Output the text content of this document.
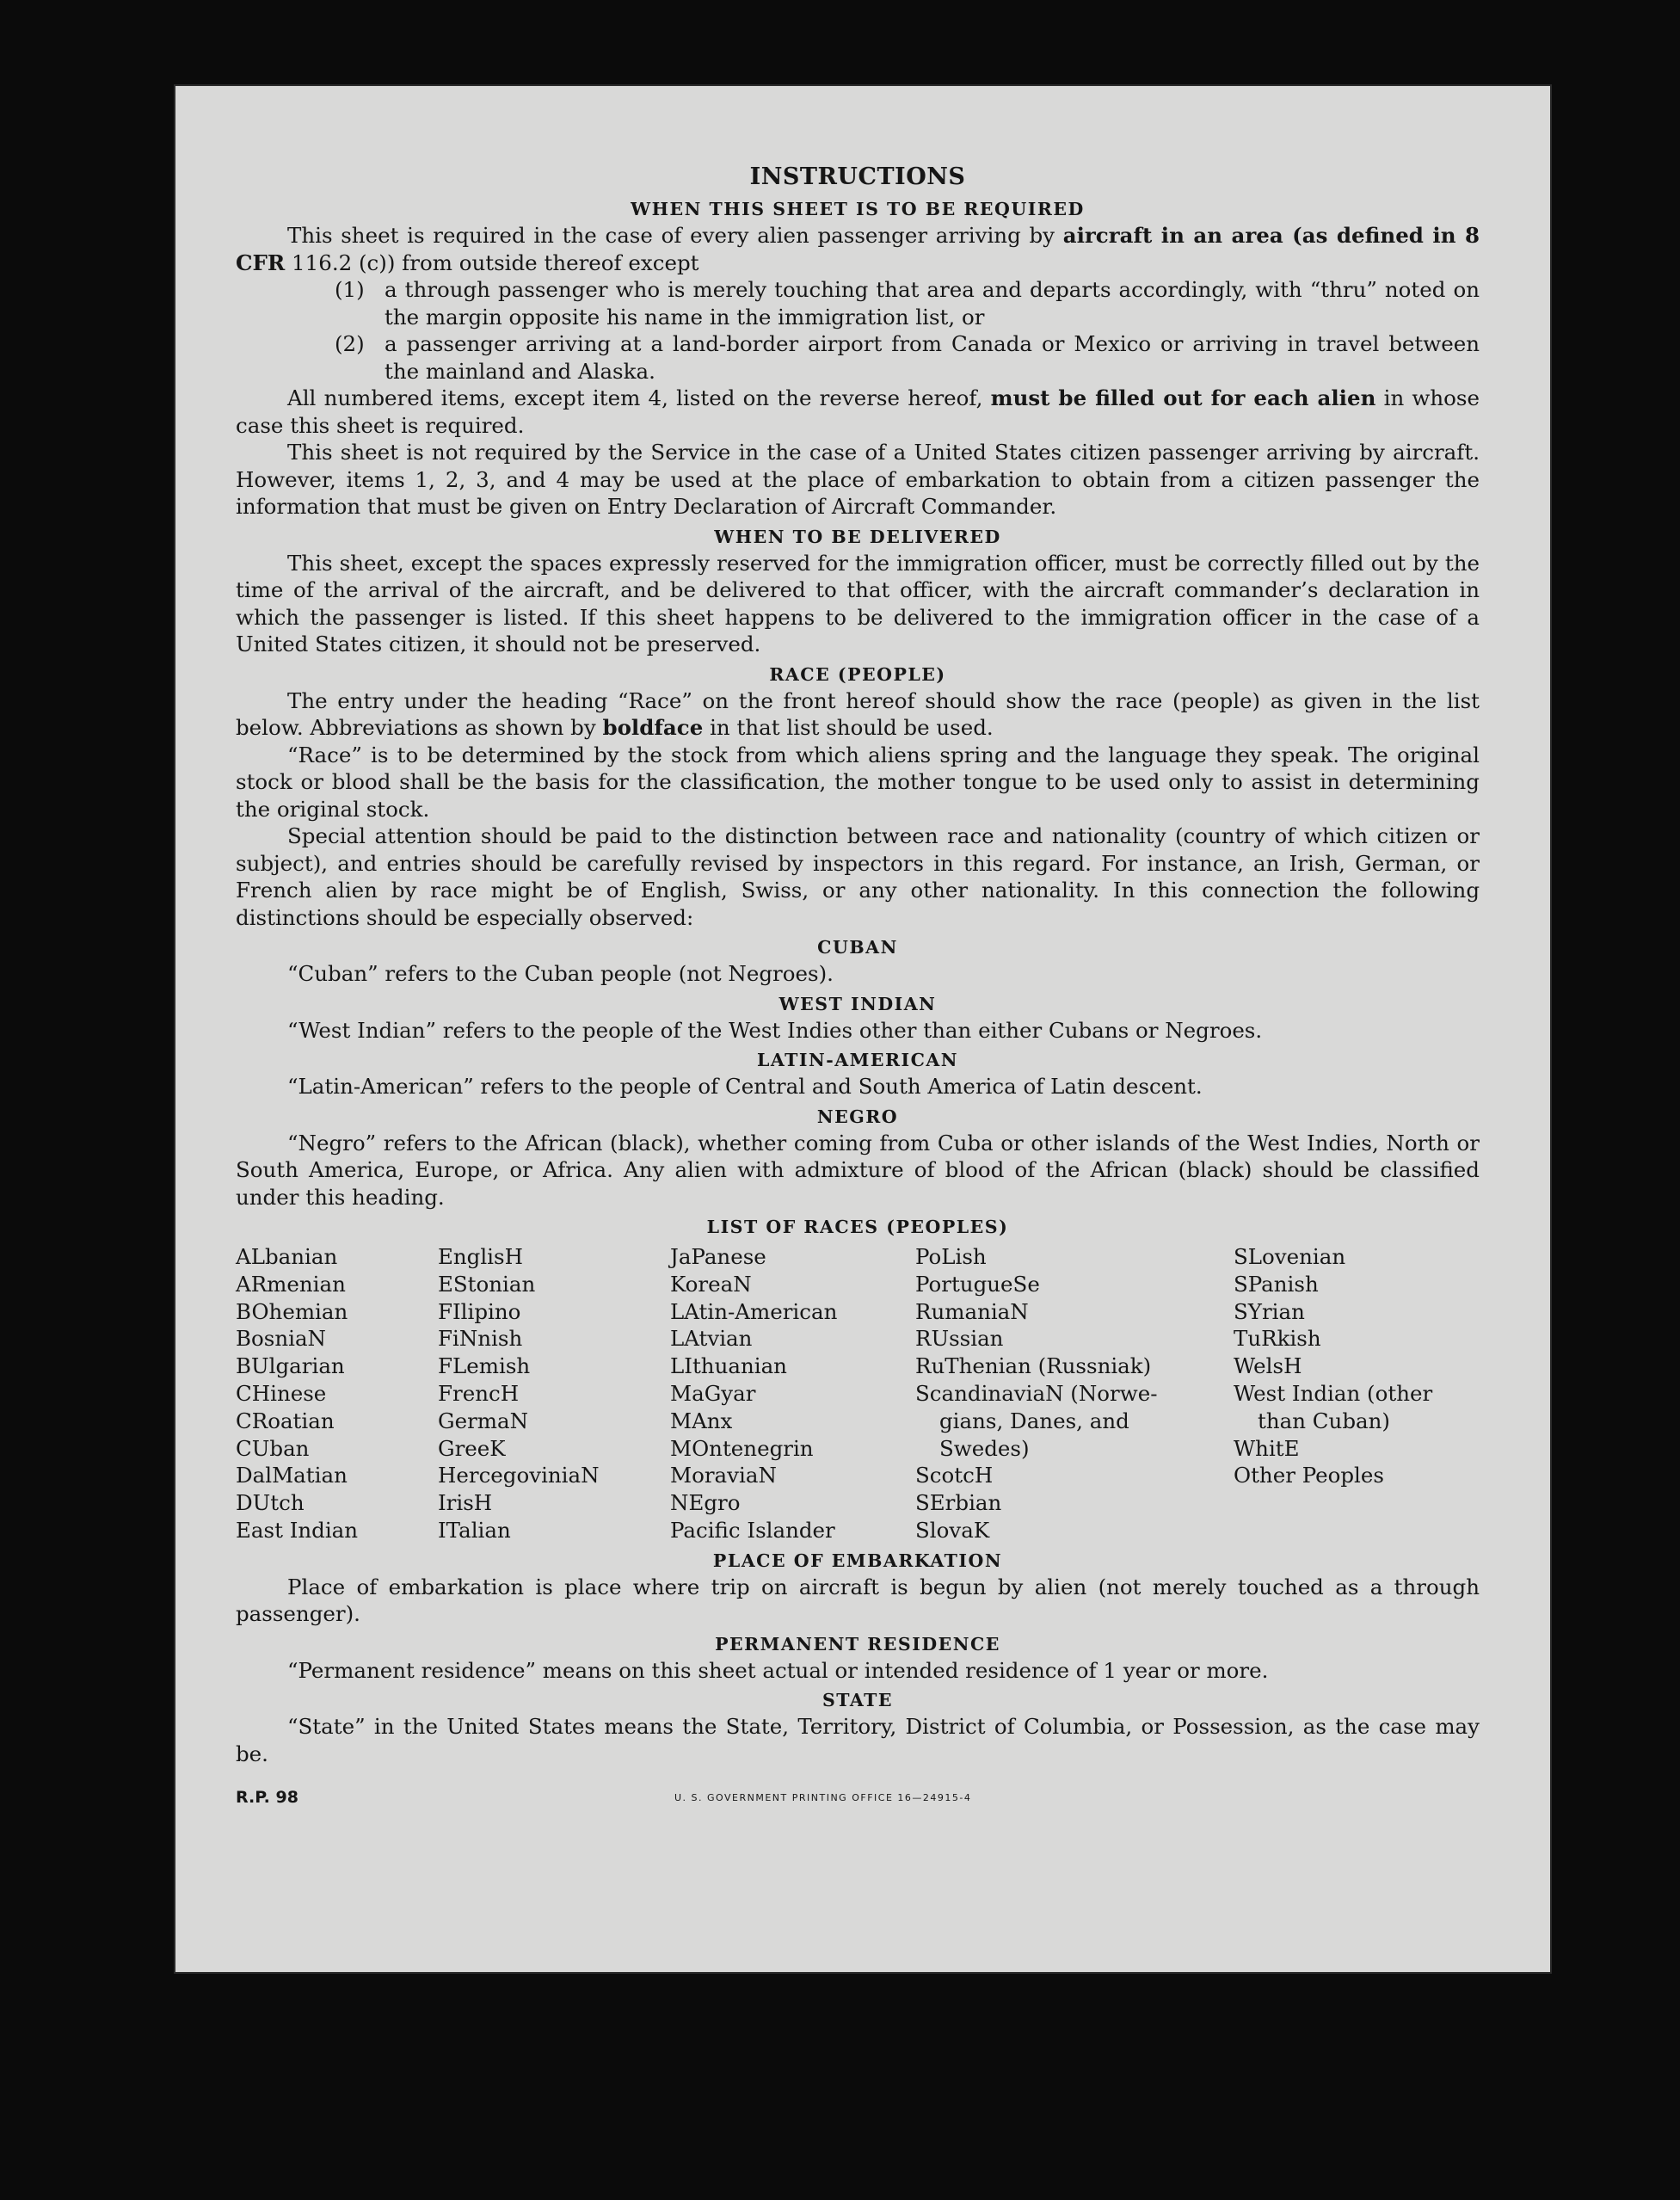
INSTRUCTIONS
WHEN THIS SHEET IS TO BE REQUIRED

This sheet is required in the case of every alien passenger arriving by aircraft in an area (as defined in 8 CFR 116.2 (c)) from outside thereof except

(1) a through passenger who is merely touching that area and departs accordingly, with “thru” noted on the margin opposite his name in the immigration list, or
(2) a passenger arriving at a land-border airport from Canada or Mexico or arriving in travel between the mainland and Alaska.

All numbered items, except item 4, listed on the reverse hereof, must be filled out for each alien in whose case this sheet is required.

This sheet is not required by the Service in the case of a United States citizen passenger arriving by aircraft. However, items 1, 2, 3, and 4 may be used at the place of embarkation to obtain from a citizen passenger the information that must be given on Entry Declaration of Aircraft Commander.

WHEN TO BE DELIVERED

This sheet, except the spaces expressly reserved for the immigration officer, must be correctly filled out by the time of the arrival of the aircraft, and be delivered to that officer, with the aircraft commander’s declaration in which the passenger is listed. If this sheet happens to be delivered to the immigration officer in the case of a United States citizen, it should not be preserved.

RACE (PEOPLE)

The entry under the heading “Race” on the front hereof should show the race (people) as given in the list below. Abbreviations as shown by boldface in that list should be used.

“Race” is to be determined by the stock from which aliens spring and the language they speak. The original stock or blood shall be the basis for the classification, the mother tongue to be used only to assist in determining the original stock.

Special attention should be paid to the distinction between race and nationality (country of which citizen or subject), and entries should be carefully revised by inspectors in this regard. For instance, an Irish, German, or French alien by race might be of English, Swiss, or any other nationality. In this connection the following distinctions should be especially observed:

CUBAN

“Cuban” refers to the Cuban people (not Negroes).

WEST INDIAN

“West Indian” refers to the people of the West Indies other than either Cubans or Negroes.

LATIN-AMERICAN

“Latin-American” refers to the people of Central and South America of Latin descent.

NEGRO

“Negro” refers to the African (black), whether coming from Cuba or other islands of the West Indies, North or South America, Europe, or Africa. Any alien with admixture of blood of the African (black) should be classified under this heading.

LIST OF RACES (PEOPLES)
ALbanian
ARmenian
BOhemian
BosniaN
BUlgarian
CHinese
CRoatian
CUban
DalMatian
DUtch
East Indian
EnglisH
EStonian
FIlipino
FiNnish
FLemish
FrencH
GermaN
GreeK
HercegoviniaN
IrisH
ITalian
JaPanese
KoreaN
LAtin-American
LAtvian
LIthuanian
MaGyar
MAnx
MOntenegrin
MoraviaN
NEgro
Pacific Islander
PoLish
PortugueSe
RumaniaN
RUssian
RuThenian (Russniak)
ScandinaviaN (Norwe-
gians, Danes, and
Swedes)
ScotcH
SErbian
SlovaK
SLovenian
SPanish
SYrian
TuRkish
WelsH
West Indian (other
than Cuban)
WhitE
Other Peoples
PLACE OF EMBARKATION

Place of embarkation is place where trip on aircraft is begun by alien (not merely touched as a through passenger).

PERMANENT RESIDENCE

“Permanent residence” means on this sheet actual or intended residence of 1 year or more.

STATE

“State” in the United States means the State, Territory, District of Columbia, or Possession, as the case may be.

R.P. 98	U. S. GOVERNMENT PRINTING OFFICE 16—24915-4
